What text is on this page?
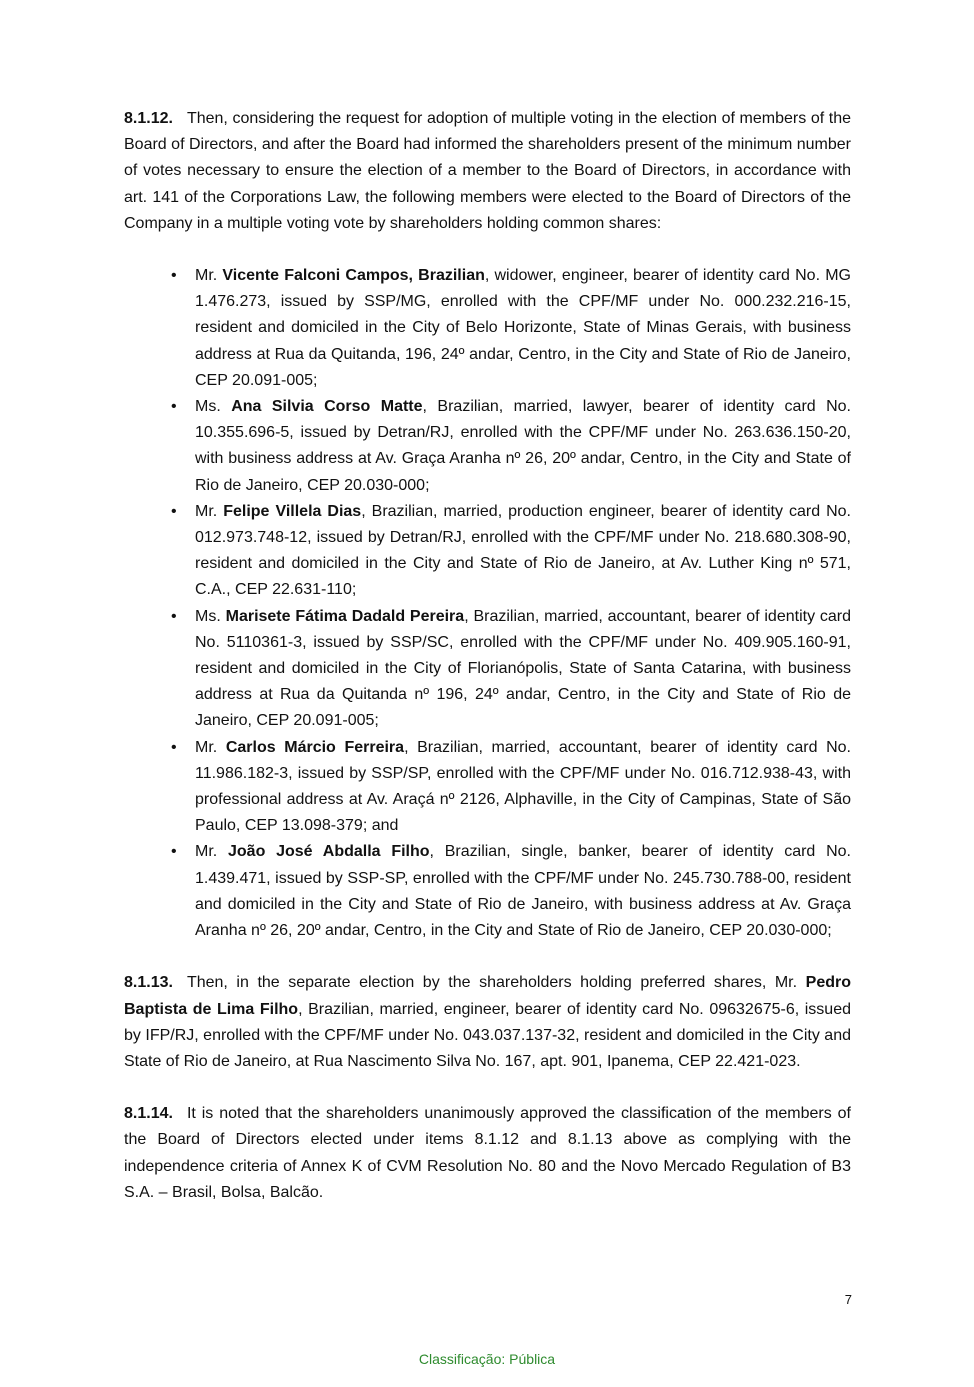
8.1.12. Then, considering the request for adoption of multiple voting in the election of members of the Board of Directors, and after the Board had informed the shareholders present of the minimum number of votes necessary to ensure the election of a member to the Board of Directors, in accordance with art. 141 of the Corporations Law, the following members were elected to the Board of Directors of the Company in a multiple voting vote by shareholders holding common shares:

• Mr. Vicente Falconi Campos, Brazilian, widower, engineer, bearer of identity card No. MG 1.476.273, issued by SSP/MG, enrolled with the CPF/MF under No. 000.232.216-15, resident and domiciled in the City of Belo Horizonte, State of Minas Gerais, with business address at Rua da Quitanda, 196, 24º andar, Centro, in the City and State of Rio de Janeiro, CEP 20.091-005;
• Ms. Ana Silvia Corso Matte, Brazilian, married, lawyer, bearer of identity card No. 10.355.696-5, issued by Detran/RJ, enrolled with the CPF/MF under No. 263.636.150-20, with business address at Av. Graça Aranha nº 26, 20º andar, Centro, in the City and State of Rio de Janeiro, CEP 20.030-000;
• Mr. Felipe Villela Dias, Brazilian, married, production engineer, bearer of identity card No. 012.973.748-12, issued by Detran/RJ, enrolled with the CPF/MF under No. 218.680.308-90, resident and domiciled in the City and State of Rio de Janeiro, at Av. Luther King nº 571, C.A., CEP 22.631-110;
• Ms. Marisete Fátima Dadald Pereira, Brazilian, married, accountant, bearer of identity card No. 5110361-3, issued by SSP/SC, enrolled with the CPF/MF under No. 409.905.160-91, resident and domiciled in the City of Florianópolis, State of Santa Catarina, with business address at Rua da Quitanda nº 196, 24º andar, Centro, in the City and State of Rio de Janeiro, CEP 20.091-005;
• Mr. Carlos Márcio Ferreira, Brazilian, married, accountant, bearer of identity card No. 11.986.182-3, issued by SSP/SP, enrolled with the CPF/MF under No. 016.712.938-43, with professional address at Av. Araçá nº 2126, Alphaville, in the City of Campinas, State of São Paulo, CEP 13.098-379; and
• Mr. João José Abdalla Filho, Brazilian, single, banker, bearer of identity card No. 1.439.471, issued by SSP-SP, enrolled with the CPF/MF under No. 245.730.788-00, resident and domiciled in the City and State of Rio de Janeiro, with business address at Av. Graça Aranha nº 26, 20º andar, Centro, in the City and State of Rio de Janeiro, CEP 20.030-000;

8.1.13. Then, in the separate election by the shareholders holding preferred shares, Mr. Pedro Baptista de Lima Filho, Brazilian, married, engineer, bearer of identity card No. 09632675-6, issued by IFP/RJ, enrolled with the CPF/MF under No. 043.037.137-32, resident and domiciled in the City and State of Rio de Janeiro, at Rua Nascimento Silva No. 167, apt. 901, Ipanema, CEP 22.421-023.

8.1.14. It is noted that the shareholders unanimously approved the classification of the members of the Board of Directors elected under items 8.1.12 and 8.1.13 above as complying with the independence criteria of Annex K of CVM Resolution No. 80 and the Novo Mercado Regulation of B3 S.A. – Brasil, Bolsa, Balcão.

7
Classificação: Pública
